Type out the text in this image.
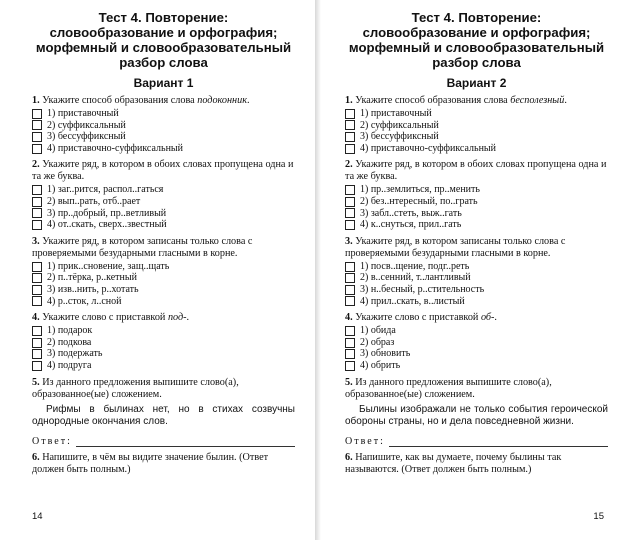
Тест 4. Повторение:
словообразование и орфография;
морфемный и словообразовательный
разбор слова
Вариант 1

1. Укажите способ образования слова подоконник.

1) приставочный
2) суффиксальный
3) бессуффиксный
4) приставочно-суффиксальный

2. Укажите ряд, в котором в обоих словах пропущена одна и та же буква.

1) заг..рится, распол..гаться
2) вып..рать, отб..рает
3) пр..добрый, пр..ветливый
4) от..скать, сверх..звестный

3. Укажите ряд, в котором записаны только слова с проверяемыми безударными гласными в корне.

1) прик..сновение, защ..щать
2) п..тёрка, р..кетный
3) изв..нить, р..хотать
4) р..сток, л..сной

4. Укажите слово с приставкой под-.

1) подарок
2) подкова
3) подержать
4) подруга

5. Из данного предложения выпишите слово(а), образованное(ые) сложением.

Рифмы в былинах нет, но в стихах созвучны однородные окончания слов.

Ответ:

6. Напишите, в чём вы видите значение былин. (Ответ должен быть полным.)

14
Тест 4. Повторение:
словообразование и орфография;
морфемный и словообразовательный
разбор слова
Вариант 2

1. Укажите способ образования слова бесполезный.

1) приставочный
2) суффиксальный
3) бессуффиксный
4) приставочно-суффиксальный

2. Укажите ряд, в котором в обоих словах пропущена одна и та же буква.

1) пр..землиться, пр..менить
2) без..нтересный, по..грать
3) забл..стеть, выж..гать
4) к..снуться, прил..гать

3. Укажите ряд, в котором записаны только слова с проверяемыми безударными гласными в корне.

1) посв..щение, подг..реть
2) в..сенний, т..лантливый
3) н..бесный, р..стительность
4) прил..скать, в..листый

4. Укажите слово с приставкой об-.

1) обида
2) образ
3) обновить
4) обрить

5. Из данного предложения выпишите слово(а), образованное(ые) сложением.

Былины изображали не только события героической обороны страны, но и дела повседневной жизни.

Ответ:

6. Напишите, как вы думаете, почему былины так называются. (Ответ должен быть полным.)

15
